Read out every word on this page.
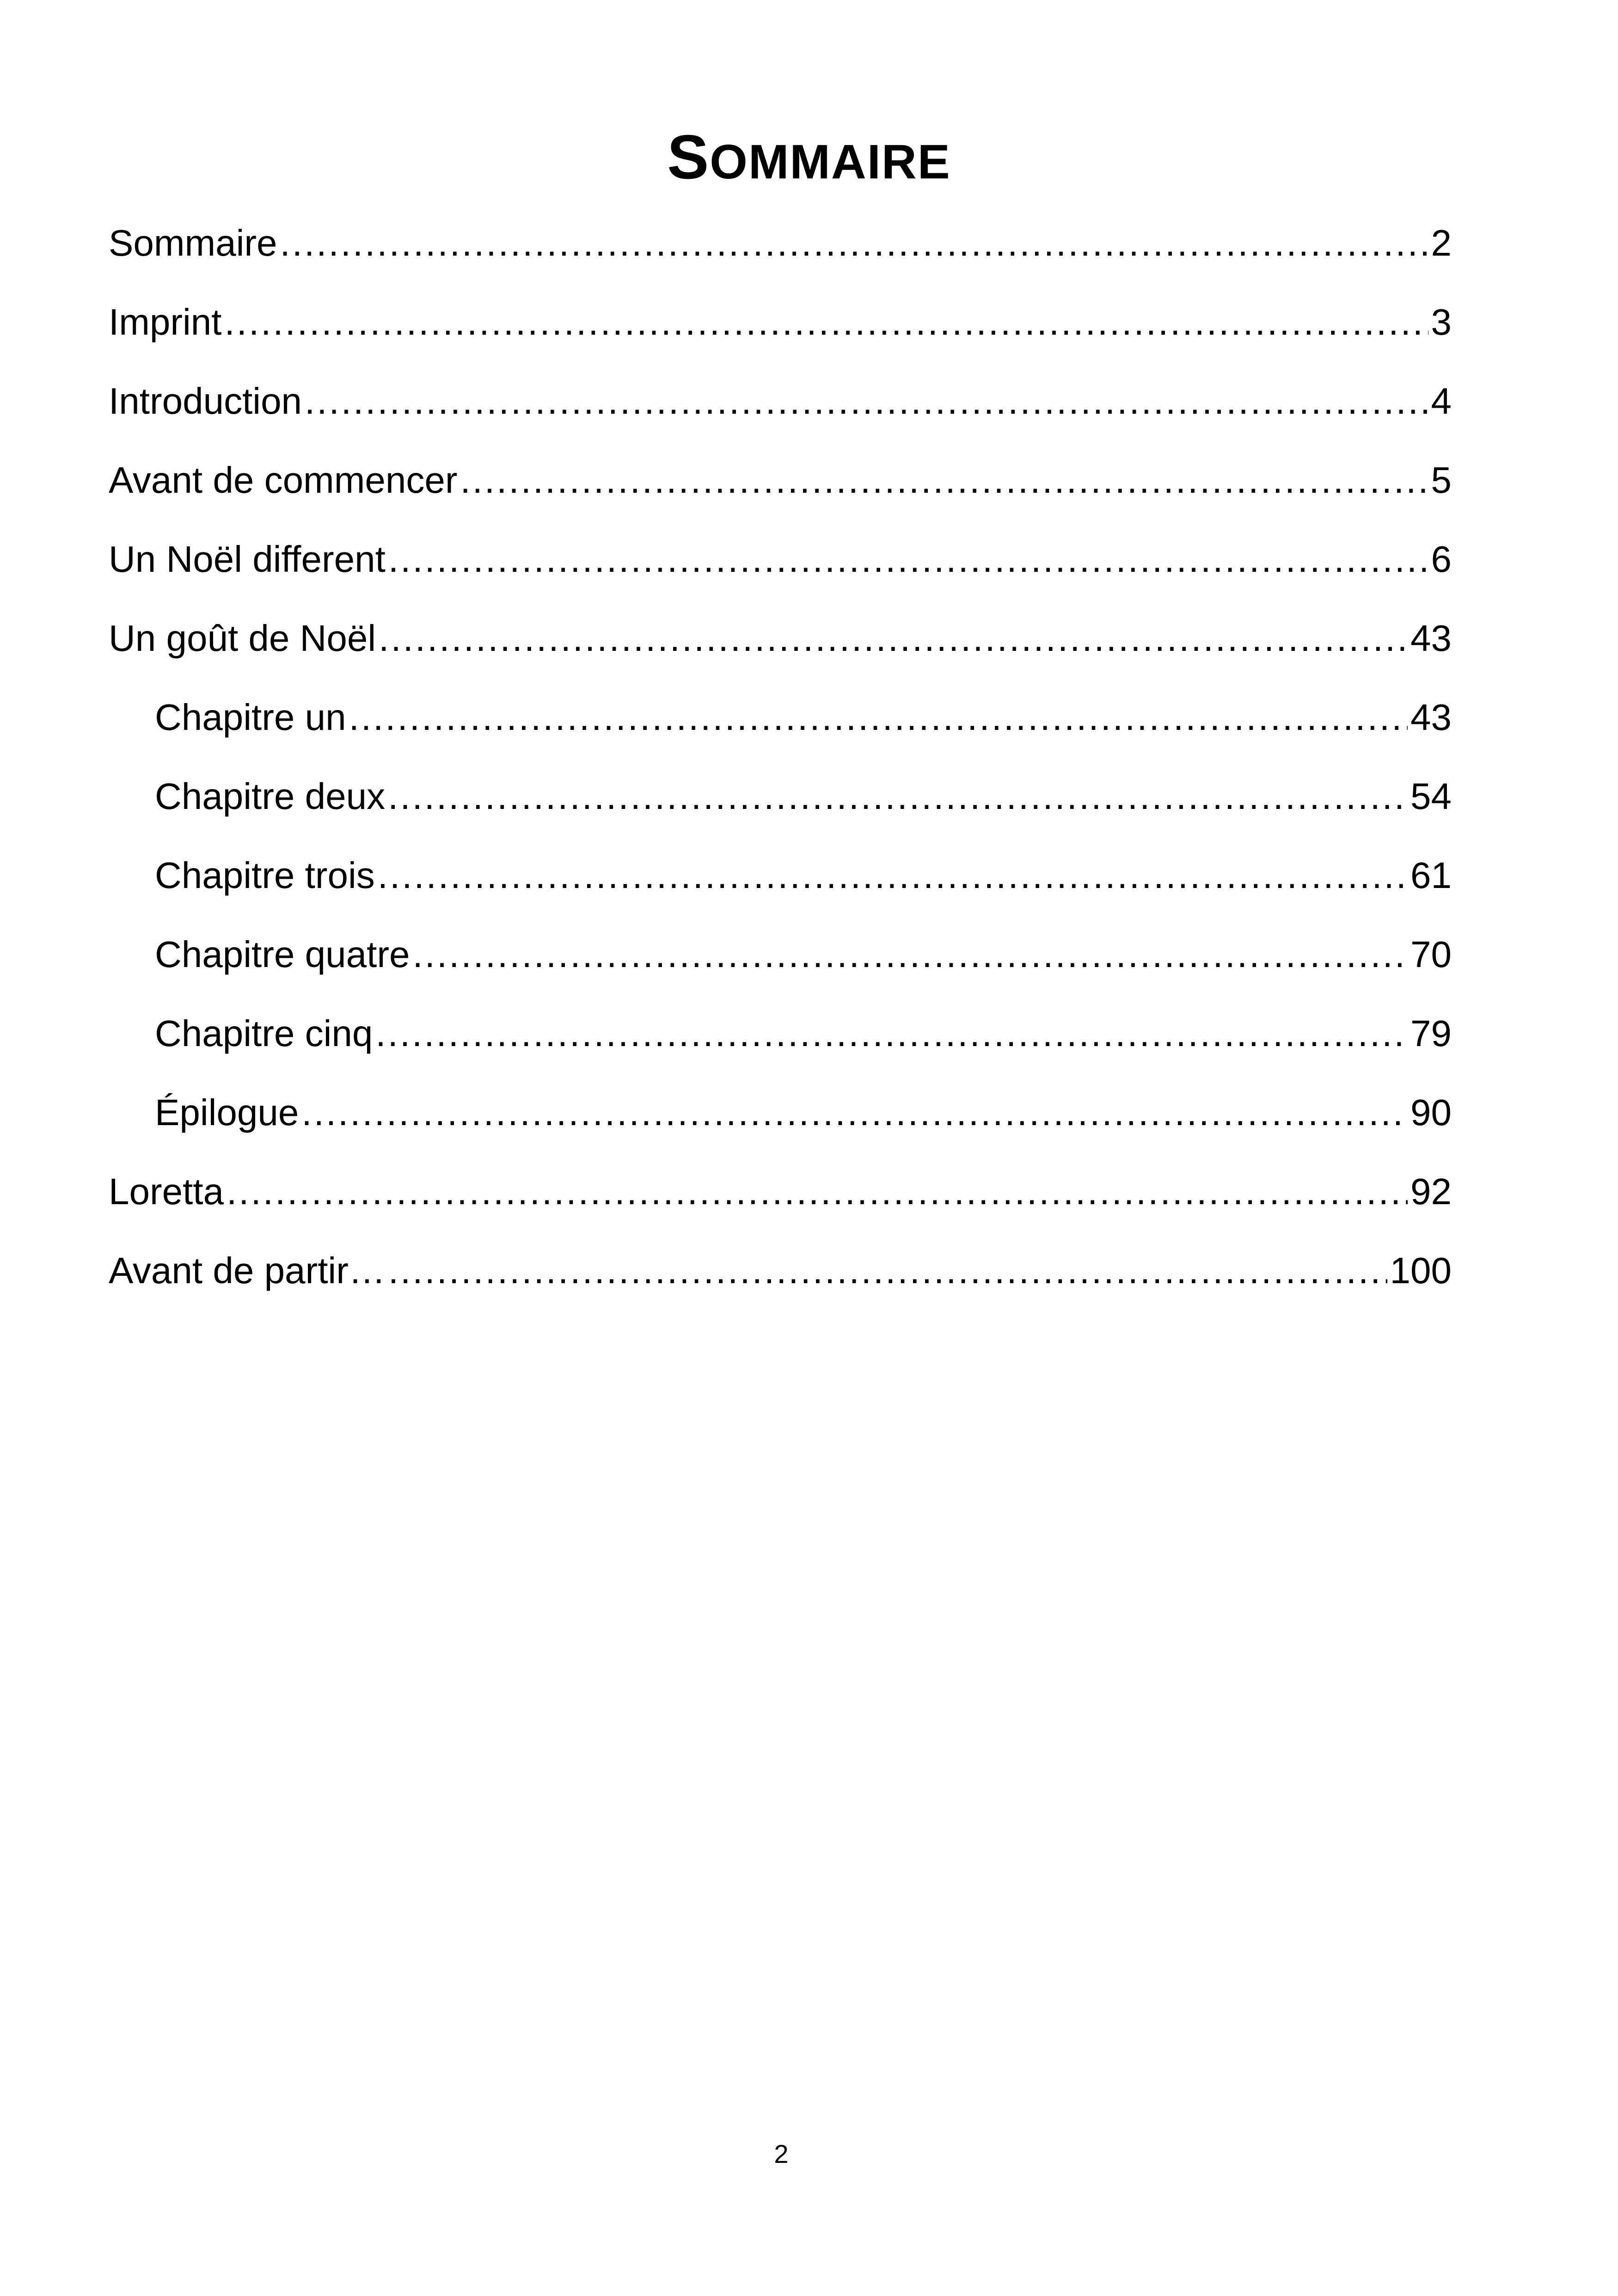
SOMMAIRE
Sommaire .....	2
Imprint .....	3
Introduction .....	4
Avant de commencer .....	5
Un Noël different .....	6
Un goût de Noël .....	43
Chapitre un .....	43
Chapitre deux .....	54
Chapitre trois .....	61
Chapitre quatre .....	70
Chapitre cinq .....	79
Épilogue .....	90
Loretta .....	92
Avant de partir… .....	100
2
